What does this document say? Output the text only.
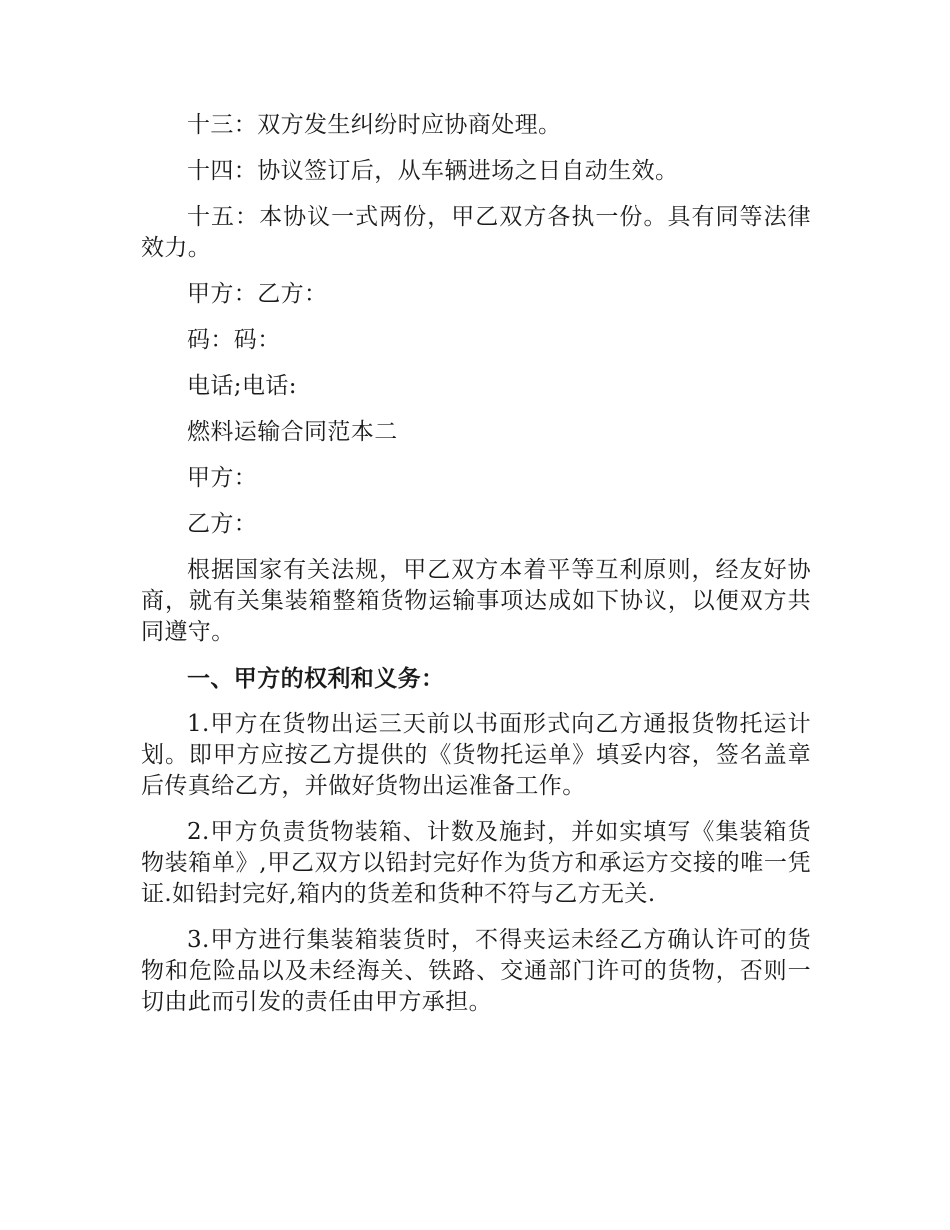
十三：双方发生纠纷时应协商处理。

十四：协议签订后，从车辆进场之日自动生效。

十五：本协议一式两份，甲乙双方各执一份。具有同等法律效力。

甲方：乙方：

码：码：

电话;电话:

燃料运输合同范本二

甲方：

乙方：

根据国家有关法规，甲乙双方本着平等互利原则，经友好协商，就有关集装箱整箱货物运输事项达成如下协议，以便双方共同遵守。

一、甲方的权利和义务：

1.甲方在货物出运三天前以书面形式向乙方通报货物托运计划。即甲方应按乙方提供的《货物托运单》填妥内容，签名盖章后传真给乙方，并做好货物出运准备工作。

2.甲方负责货物装箱、计数及施封，并如实填写《集装箱货物装箱单》,甲乙双方以铅封完好作为货方和承运方交接的唯一凭证.如铅封完好,箱内的货差和货种不符与乙方无关.

3.甲方进行集装箱装货时，不得夹运未经乙方确认许可的货物和危险品以及未经海关、铁路、交通部门许可的货物，否则一切由此而引发的责任由甲方承担。
